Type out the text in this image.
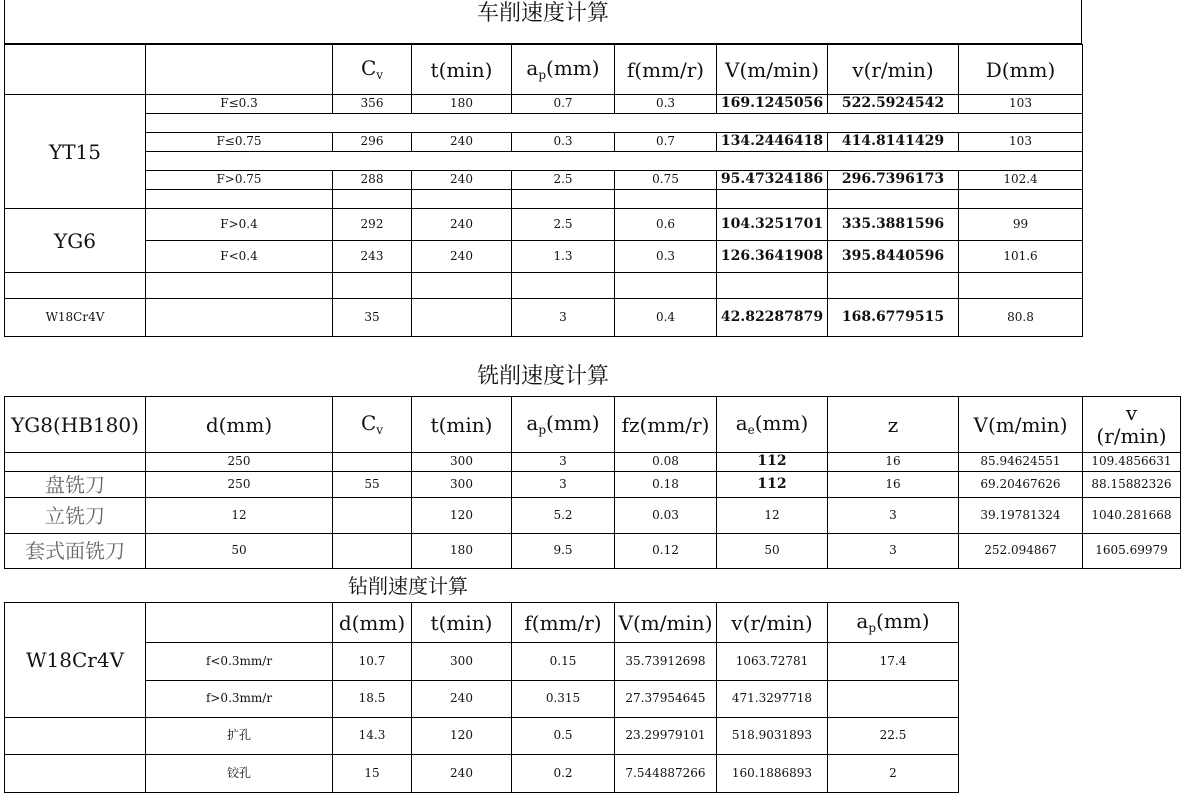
车削速度计算
		$C_v$	t(min)	$a_p(mm)$	f(mm/r)	V(m/min)	v(r/min)	D(mm)
YT15	F≤0.3	356	180	0.7	0.3	169.1245056	522.5924542	103

	F≤0.75	296	240	0.3	0.7	134.2446418	414.8141429	103

	F>0.75	288	240	2.5	0.75	95.47324186	296.7396173	102.4

YG6	F>0.4	292	240	2.5	0.6	104.3251701	335.3881596	99
	F<0.4	243	240	1.3	0.3	126.3641908	395.8440596	101.6

W18Cr4V		35		3	0.4	42.82287879	168.6779515	80.8
铣削速度计算
YG8(HB180)	d(mm)	$C_v$	t(min)	$a_p(mm)$	fz(mm/r)	$a_e(mm)$	z	V(m/min)	v
(r/min)
	250		300	3	0.08	112	16	85.94624551	109.4856631
盘铣刀	250	55	300	3	0.18	112	16	69.20467626	88.15882326
立铣刀	12		120	5.2	0.03	12	3	39.19781324	1040.281668
套式面铣刀	50		180	9.5	0.12	50	3	252.094867	1605.69979
钻削速度计算
W18Cr4V		d(mm)	t(min)	f(mm/r)	V(m/min)	v(r/min)	$a_p(mm)$
	f<0.3mm/r	10.7	300	0.15	35.73912698	1063.72781	17.4
	f>0.3mm/r	18.5	240	0.315	27.37954645	471.3297718	
	扩孔	14.3	120	0.5	23.29979101	518.9031893	22.5
	铰孔	15	240	0.2	7.544887266	160.1886893	2
